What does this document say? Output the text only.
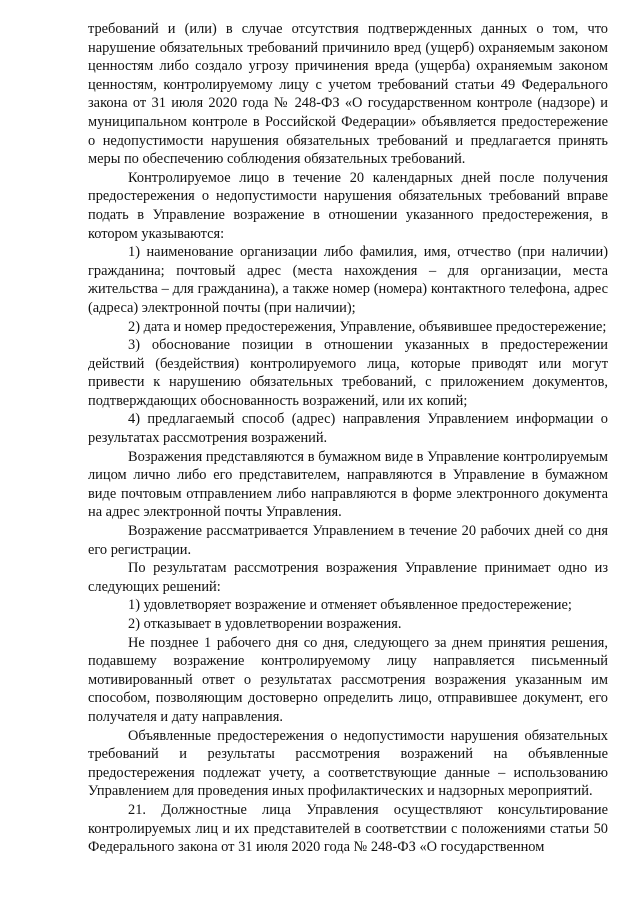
требований и (или) в случае отсутствия подтвержденных данных о том, что нарушение обязательных требований причинило вред (ущерб) охраняемым законом ценностям либо создало угрозу причинения вреда (ущерба) охраняемым законом ценностям, контролируемому лицу с учетом требований статьи 49 Федерального закона от 31 июля 2020 года № 248-ФЗ «О государственном контроле (надзоре) и муниципальном контроле в Российской Федерации» объявляется предостережение о недопустимости нарушения обязательных требований и предлагается принять меры по обеспечению соблюдения обязательных требований.

Контролируемое лицо в течение 20 календарных дней после получения предостережения о недопустимости нарушения обязательных требований вправе подать в Управление возражение в отношении указанного предостережения, в котором указываются:

1) наименование организации либо фамилия, имя, отчество (при наличии) гражданина; почтовый адрес (места нахождения – для организации, места жительства – для гражданина), а также номер (номера) контактного телефона, адрес (адреса) электронной почты (при наличии);

2) дата и номер предостережения, Управление, объявившее предостережение;

3) обоснование позиции в отношении указанных в предостережении действий (бездействия) контролируемого лица, которые приводят или могут привести к нарушению обязательных требований, с приложением документов, подтверждающих обоснованность возражений, или их копий;

4) предлагаемый способ (адрес) направления Управлением информации о результатах рассмотрения возражений.

Возражения представляются в бумажном виде в Управление контролируемым лицом лично либо его представителем, направляются в Управление в бумажном виде почтовым отправлением либо направляются в форме электронного документа на адрес электронной почты Управления.

Возражение рассматривается Управлением в течение 20 рабочих дней со дня его регистрации.

По результатам рассмотрения возражения Управление принимает одно из следующих решений:

1) удовлетворяет возражение и отменяет объявленное предостережение;

2) отказывает в удовлетворении возражения.

Не позднее 1 рабочего дня со дня, следующего за днем принятия решения, подавшему возражение контролируемому лицу направляется письменный мотивированный ответ о результатах рассмотрения возражения указанным им способом, позволяющим достоверно определить лицо, отправившее документ, его получателя и дату направления.

Объявленные предостережения о недопустимости нарушения обязательных требований и результаты рассмотрения возражений на объявленные предостережения подлежат учету, а соответствующие данные – использованию Управлением для проведения иных профилактических и надзорных мероприятий.

21. Должностные лица Управления осуществляют консультирование контролируемых лиц и их представителей в соответствии с положениями статьи 50 Федерального закона от 31 июля 2020 года № 248-ФЗ «О государственном
